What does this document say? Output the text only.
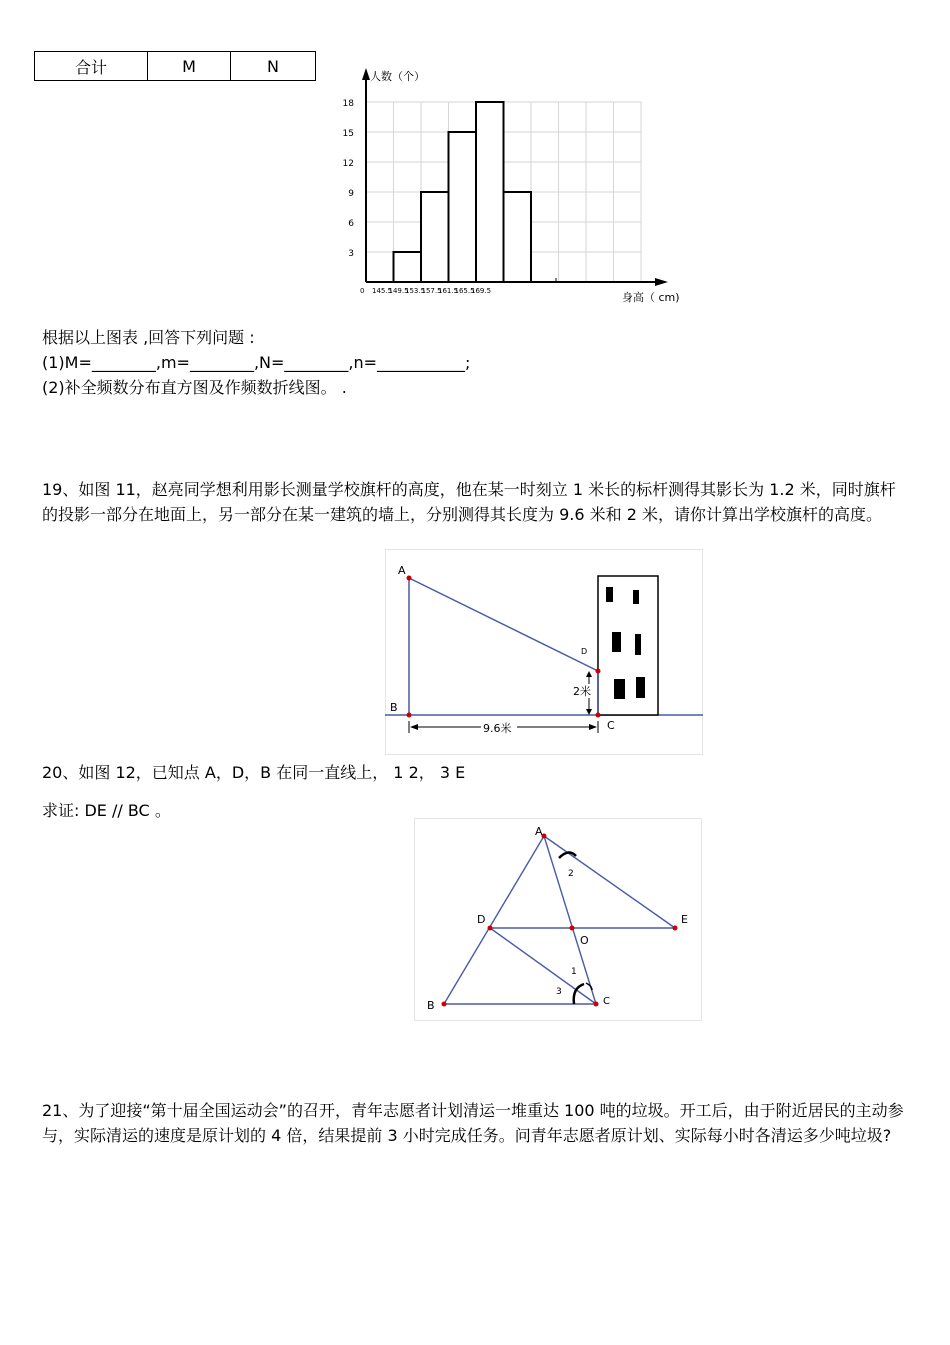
合计	M	N
3
6
9
12
15
18
145.5
149.5
153.5
157.5
161.5
165.5
169.5
人数（个）
身高（ cm)
0
根据以上图表 ,回答下列问题 :
(1)M=________,m=________,N=________,n=___________;
(2)补全频数分布直方图及作频数折线图。 .
19、如图 11，赵亮同学想利用影长测量学校旗杆的高度，他在某一时刻立 1 米长的标杆测得其影长为 1.2 米，同时旗杆的投影一部分在地面上，另一部分在某一建筑的墙上，分别测得其长度为 9.6 米和 2 米，请你计算出学校旗杆的高度。
A
B
C
D
2米
9.6米
20、如图 12，已知点 A，D，B 在同一直线上， 1 2， 3 E
求证: DE // BC 。
A
B	C
D	E
O
1
2
3
21、为了迎接“第十届全国运动会”的召开，青年志愿者计划清运一堆重达 100 吨的垃圾。开工后，由于附近居民的主动参与，实际清运的速度是原计划的 4 倍，结果提前 3 小时完成任务。问青年志愿者原计划、实际每小时各清运多少吨垃圾?
